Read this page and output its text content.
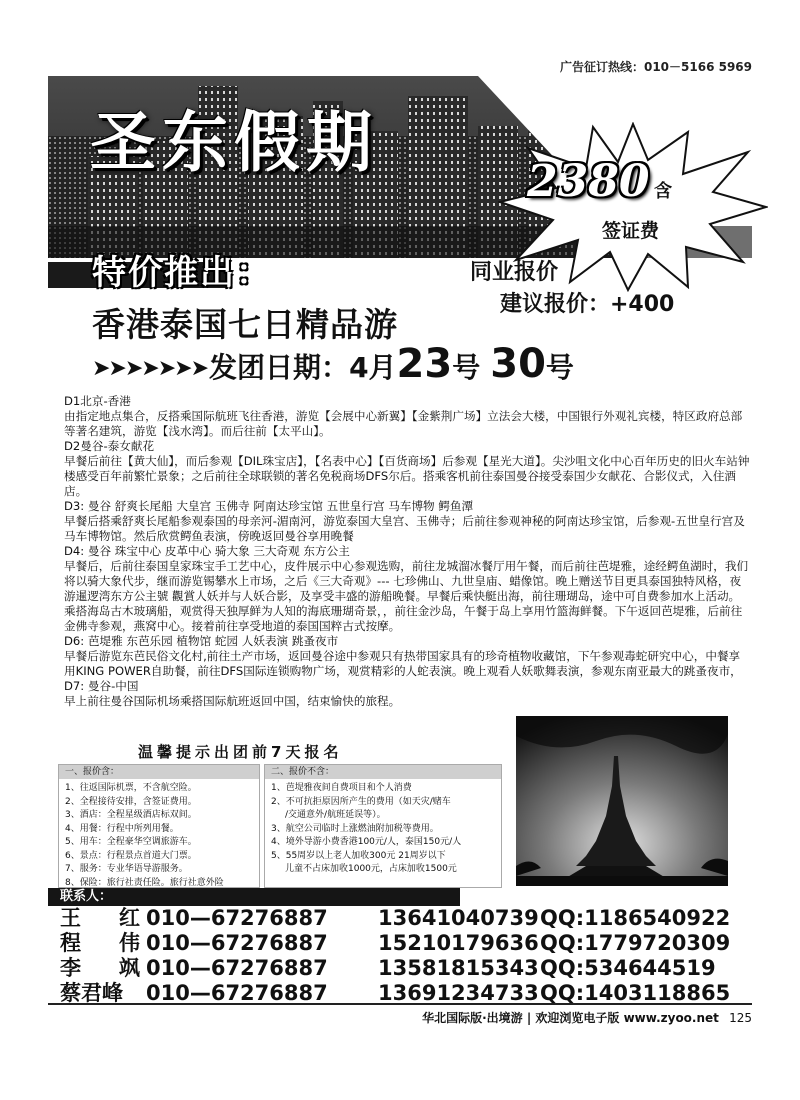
广告征订热线：010－5166 5969
圣东假期
2380 含
签证费
特价推出：	同业报价
建议报价：+400
香港泰国七日精品游
➤➤➤➤➤➤➤ 发团日期： 4月 23 号 30 号

D1北京-香港

由指定地点集合，反搭乘国际航班飞往香港，游览【会展中心新翼】【金紫荆广场】立法会大楼，中国银行外观礼宾楼，特区政府总部等著名建筑，游览【浅水湾】。而后往前【太平山】。

D2曼谷-泰女献花

早餐后前往【黄大仙】，而后参观【DIL珠宝店】，【名表中心】【百货商场】后参观【星光大道】。尖沙咀文化中心百年历史的旧火车站钟楼感受百年前繁忙景象；之后前往全球联锁的著名免税商场DFS尔后。搭乘客机前往泰国曼谷接受泰国少女献花、合影仪式，入住酒店。

D3: 曼谷 舒爽长尾船 大皇宫 玉佛寺 阿南达珍宝馆 五世皇行宫 马车博物 鳄鱼潭

早餐后搭乘舒爽长尾船参观泰国的母亲河-湄南河，游览泰国大皇宫、玉佛寺；后前往参观神秘的阿南达珍宝馆，后参观-五世皇行宫及马车博物馆。然后欣赏鳄鱼表演，傍晚返回曼谷享用晚餐

D4: 曼谷 珠宝中心 皮革中心 骑大象 三大奇观 东方公主

早餐后，后前往泰国皇家珠宝手工艺中心，皮件展示中心参观选购，前往龙城溜冰餐厅用午餐，而后前往芭堤雅，途经鳄鱼湖时，我们将以骑大象代步，继而游览锡攀水上市场，之后《三大奇观》--- 七珍佛山、九世皇庙、蜡像馆。晚上赠送节目更具泰国独特风格，夜游暹逻湾东方公主號 觀賞人妖并与人妖合影，及享受丰盛的游船晚餐。早餐后乘快艇出海，前往珊瑚岛，途中可自费参加水上活动。乘搭海岛古木玻璃船，观赏得天独厚鲜为人知的海底珊瑚奇景，，前往金沙岛，午餐于岛上享用竹篮海鲜餐。下午返回芭堤雅，后前往金佛寺参观，燕窝中心。接着前往享受地道的泰国国粹古式按摩。

D6: 芭堤雅 东芭乐园 植物馆 蛇园 人妖表演 跳蚤夜市

早餐后游览东芭民俗文化村,前往土产市场，返回曼谷途中参观只有热带国家具有的珍奇植物收藏馆，下午参观毒蛇研究中心，中餐享用KING POWER自助餐，前往DFS国际连锁购物广场，观赏精彩的人蛇表演。晚上观看人妖歌舞表演，参观东南亚最大的跳蚤夜市，

D7: 曼谷-中国

早上前往曼谷国际机场乘搭国际航班返回中国，结束愉快的旅程。

温馨提示出团前7天报名
一、报价含：
1、往返国际机票，不含航空险。
2、全程接待安排，含签证费用。
3、酒店：全程星级酒店标双间。
4、用餐：行程中所列用餐。
5、用车：全程豪华空调旅游车。
6、景点：行程景点首道大门票。
7、服务：专业华语导游服务。
8、保险：旅行社责任险。旅行社意外险
二、报价不含：
1、芭堤雅夜间自费项目和个人消费
2、不可抗拒原因所产生的费用（如天灾/赌车
/交通意外/航班延误等）。
3、航空公司临时上涨燃油附加税等费用。
4、境外导游小费香港100元/人，泰国150元/人
5、55周岁以上老人加收300元 21周岁以下
儿童不占床加收1000元，占床加收1500元
联系人：
王 红 010—67276887 13641040739 QQ:1186540922
程 伟 010—67276887 15210179636 QQ:1779720309
李 飒 010—67276887 13581815343 QQ:534644519
蔡君峰 010—67276887 13691234733 QQ:1403118865
华北国际版·出境游 | 欢迎浏览电子版 www.zyoo.net 125
